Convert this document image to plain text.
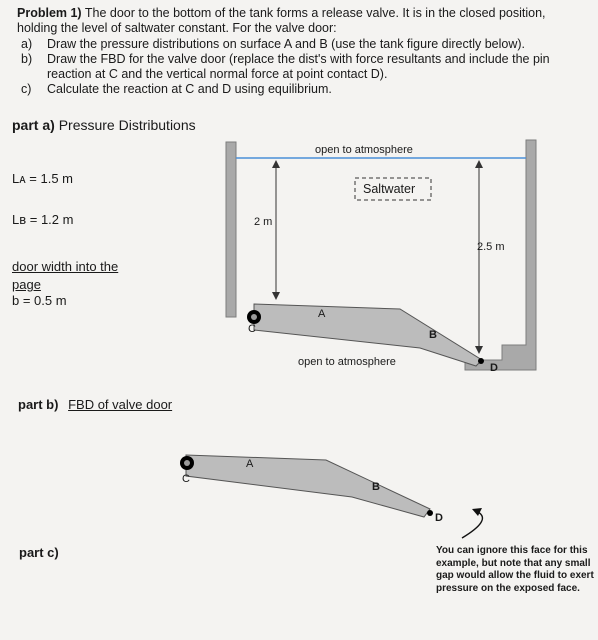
Problem 1) The door to the bottom of the tank forms a release valve. It is in the closed position,
holding the level of saltwater constant. For the valve door:
a) Draw the pressure distributions on surface A and B (use the tank figure directly below).
b) Draw the FBD for the valve door (replace the dist's with force resultants and include the pin
reaction at C and the vertical normal force at point contact D).
c) Calculate the reaction at C and D using equilibrium.
part a) Pressure Distributions
Lᴀ = 1.5 m
Lʙ = 1.2 m
door width into the
page
b = 0.5 m
open to atmosphere
Saltwater
2 m
2.5 m
A
C	B
D
open to atmosphere
part b) FBD of valve door
A
C
B
D
part c)	You can ignore this face for this example, but note that any small gap would allow the fluid to exert pressure on the exposed face.
